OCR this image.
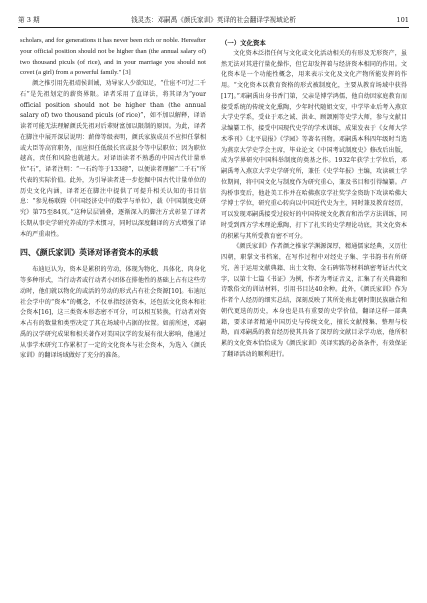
第 3 期	钱灵杰：邓嗣禹《颜氏家训》英译的社会翻译学视域论析	101

scholars, and for generations it has never been rich or noble. Hereafter your official position should not be higher than (the annual salary of) two thousand piculs (of rice), and in your marriage you should not covet (a girl) from a powerful family." [3]

颜之推引用先祖靖侯训诫，劝导家人少欲知足，“仕宦不可过二千石”是先祖划定的薪资界限。译者采用了直译法，将其译为“your official position should not be higher than (the annual salary of) two thousand piculs (of rice)”，如不加以解释，译语读者可能无法理解颜氏先祖对后辈财富加以限制的原因。为此，译者在脚注中展开深层说明：薪俸等级表明，颜氏家族成员不应担任掌相或大臣等高官职务，而应担任低级长官或县令等中层职位；因为职位越高，责任和风险也就越大。对译语读者不熟悉的中国古代计量单位“石”，译者注明：“一石约等于133磅”，以便读者理解“二千石”所代表的实际价值。此外，为引导读者进一步挖掘中国古代计量单位的历史文化内涵，译者还在脚注中提供了可提升相关认知的书目信息：“参见杨联陞《中国经济史中的数字与单位》，载《中国制度史研究》第75至84页。”这种层层铺叠，逐渐深入的脚注方式彰显了译者长期从事史学研究养成的学术惯习，同时以深度翻译的方式增强了译本的严重肃性。

四、《颜氏家训》英译对译者资本的承载

布迪厄认为，资本是累积的劳动，体现为物化、具体化、肉身化等多种形式，当行动者或行动者小团体在排他性的基础上占有这些劳动时，他们就以物化的或活的劳动的形式占有社会资源[10]。布迪厄社会学中的“资本”的概念，不仅单指经济资本，还包括文化资本和社会资本[16]，这三类资本形态密不可分，可以相互转换，行动者对资本占有的数量和类型决定了其在场域中占据的位置。如前所述，邓嗣禹的汉学研究成果和相关著作对美国汉学的发展有很大影响，他通过从事学术研究工作累积了一定的文化资本与社会资本，为选入《颜氏家训》的翻译场域做好了充分的准备。

（一）文化资本

文化资本泛指任何与文化或文化活动相关的有形及无形资产，虽然无法对其进行量化操作，但它却发挥着与经济资本相同的作用。文化资本是一个功能性概念，用来表示文化及文化产物所能发挥的作用。“文化资本以教育资格的形式被制度化，主要从教育场域中获得[17]。”邓嗣禹出身书香门第，父亲是博学鸿儒，他自幼因家庭教育而接受系统的传统文化熏陶，少年时代随姐文安，中学毕业后考入燕京大学史学系，受业于邓之诚、洪业、顾颉刚等史学大师，参与文献目录编纂工作，接受中国现代史学的学术训练，成果发表于《女师大学术季刊》《北平晨报》《学园》等著名刊物。邓嗣禹本科四年级时当选为燕京大学史学会主席，毕业论文《中国考试制度史》修改后出版，成为学界研究中国科举制度的奠基之作。1932年获学士学位后，邓嗣禹考入燕京大学史学研究所，兼任《史学年报》主编，攻读硕士学位期间，将中国文化与制度作为研究重心，兼及书目和引得编纂。卢沟桥事变后，他赴美工作并在哈佛燕京学社奖学金资助下攻读哈佛大学博士学位，研究重心转向以中国近代史为主，同时兼及教育经历，可以发现邓嗣禹接受过较好的中国传统文化教育和治学方法训练，同时受到西方学术理论熏陶，打下了扎实的史学理论功底，其文化资本的积累与其所受教育密不可分。

《颜氏家训》作者颜之推家学渊源深厚，精通儒家经典，又历仕四朝，职掌文书档案，在写作过程中对经史子集、字书韵书有所研究，善于运用文献典籍、出土文物、金石碑铭等材料缜密考证古代文字，以第十七篇《书证》为例，作者为考证音义，汇集了有关典籍和诗歌俗文的训诂材料，引用书目达40余种。此外，《颜氏家训》作为作者个人经历的细实总结，深刻反映了其所处南北朝时期民族融合和朝代更迭的历史，本身也是具有重要的史学价值，翻译这样一部典籍，要求译者精通中国历史与传统文化，擅长文献搜集、整理与校勘，而邓嗣禹的教育经历使其具备了深厚的文献目录学功底，他所积累的文化资本恰恰成为《颜氏家训》英译实践的必备条件，有效保证了翻译活动的顺利进行。
